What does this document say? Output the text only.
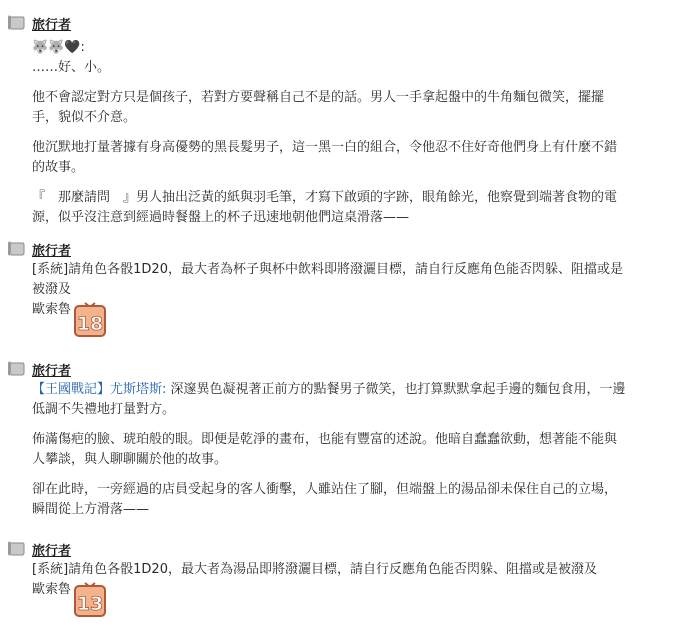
旅行者

🐺🐺🖤:

……好、小。

他不會認定對方只是個孩子，若對方要聲稱自己不是的話。男人一手拿起盤中的牛角麵包微笑，擺擺

手，貌似不介意。

他沉默地打量著據有身高優勢的黑長髮男子，這一黑一白的組合，令他忍不住好奇他們身上有什麼不錯

的故事。

『　那麼請問　』男人抽出泛黃的紙與羽毛筆，才寫下啟頭的字跡，眼角餘光，他察覺到端著食物的電

源，似乎沒注意到經過時餐盤上的杯子迅速地朝他們這桌滑落——

旅行者

[系統]請角色各骰1D20，最大者為杯子與杯中飲料即將潑灑目標，請自行反應角色能否閃躲、阻擋或是

被潑及

歐索魯

18
旅行者

【王國戰記】尤斯塔斯: 深邃異色凝視著正前方的點餐男子微笑，也打算默默拿起手邊的麵包食用，一邊

低調不失禮地打量對方。

佈滿傷疤的臉、琥珀般的眼。即便是乾淨的畫布，也能有豐富的述說。他暗自蠢蠢欲動，想著能不能與

人攀談，與人聊聊關於他的故事。

卻在此時，一旁經過的店員受起身的客人衝擊，人雖站住了腳，但端盤上的湯品卻未保住自己的立場，

瞬間從上方滑落——

旅行者

[系統]請角色各骰1D20，最大者為湯品即將潑灑目標，請自行反應角色能否閃躲、阻擋或是被潑及

歐索魯

13
